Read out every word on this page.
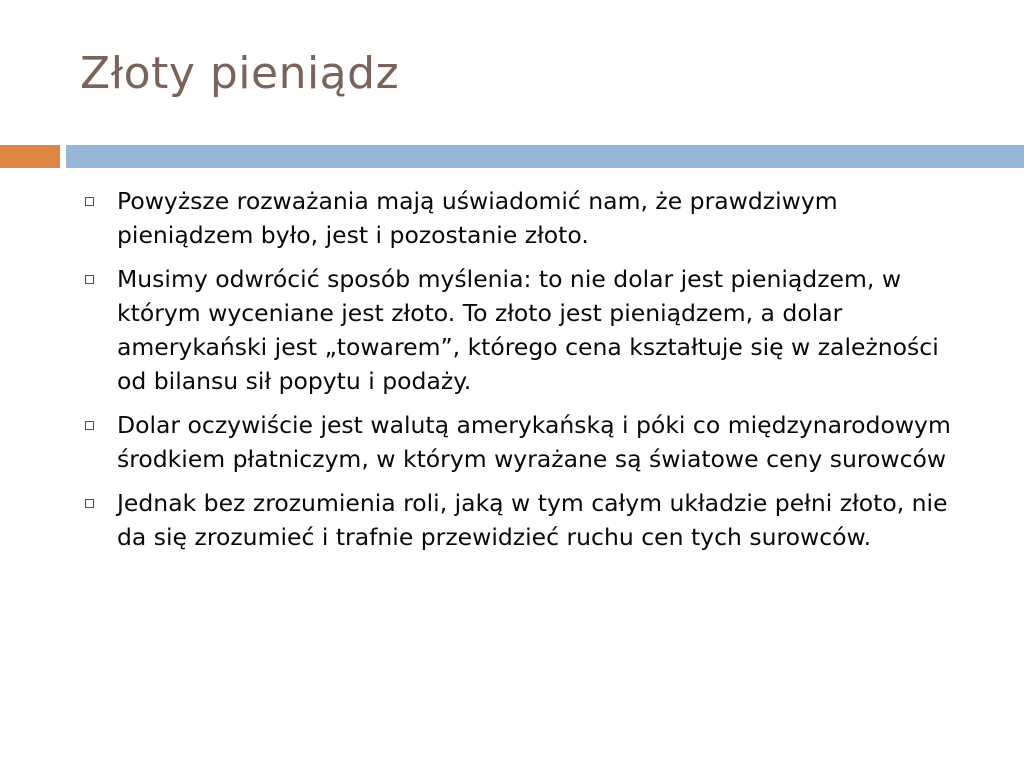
Złoty pieniądz
Powyższe rozważania mają uświadomić nam, że prawdziwym pieniądzem było, jest i pozostanie złoto.
Musimy odwrócić sposób myślenia: to nie dolar jest pieniądzem, w którym wyceniane jest złoto. To złoto jest pieniądzem, a dolar amerykański jest „towarem”, którego cena kształtuje się w zależności od bilansu sił popytu i podaży.
Dolar oczywiście jest walutą amerykańską i póki co międzynarodowym środkiem płatniczym, w którym wyrażane są światowe ceny surowców
Jednak bez zrozumienia roli, jaką w tym całym układzie pełni złoto, nie da się zrozumieć i trafnie przewidzieć ruchu cen tych surowców.
